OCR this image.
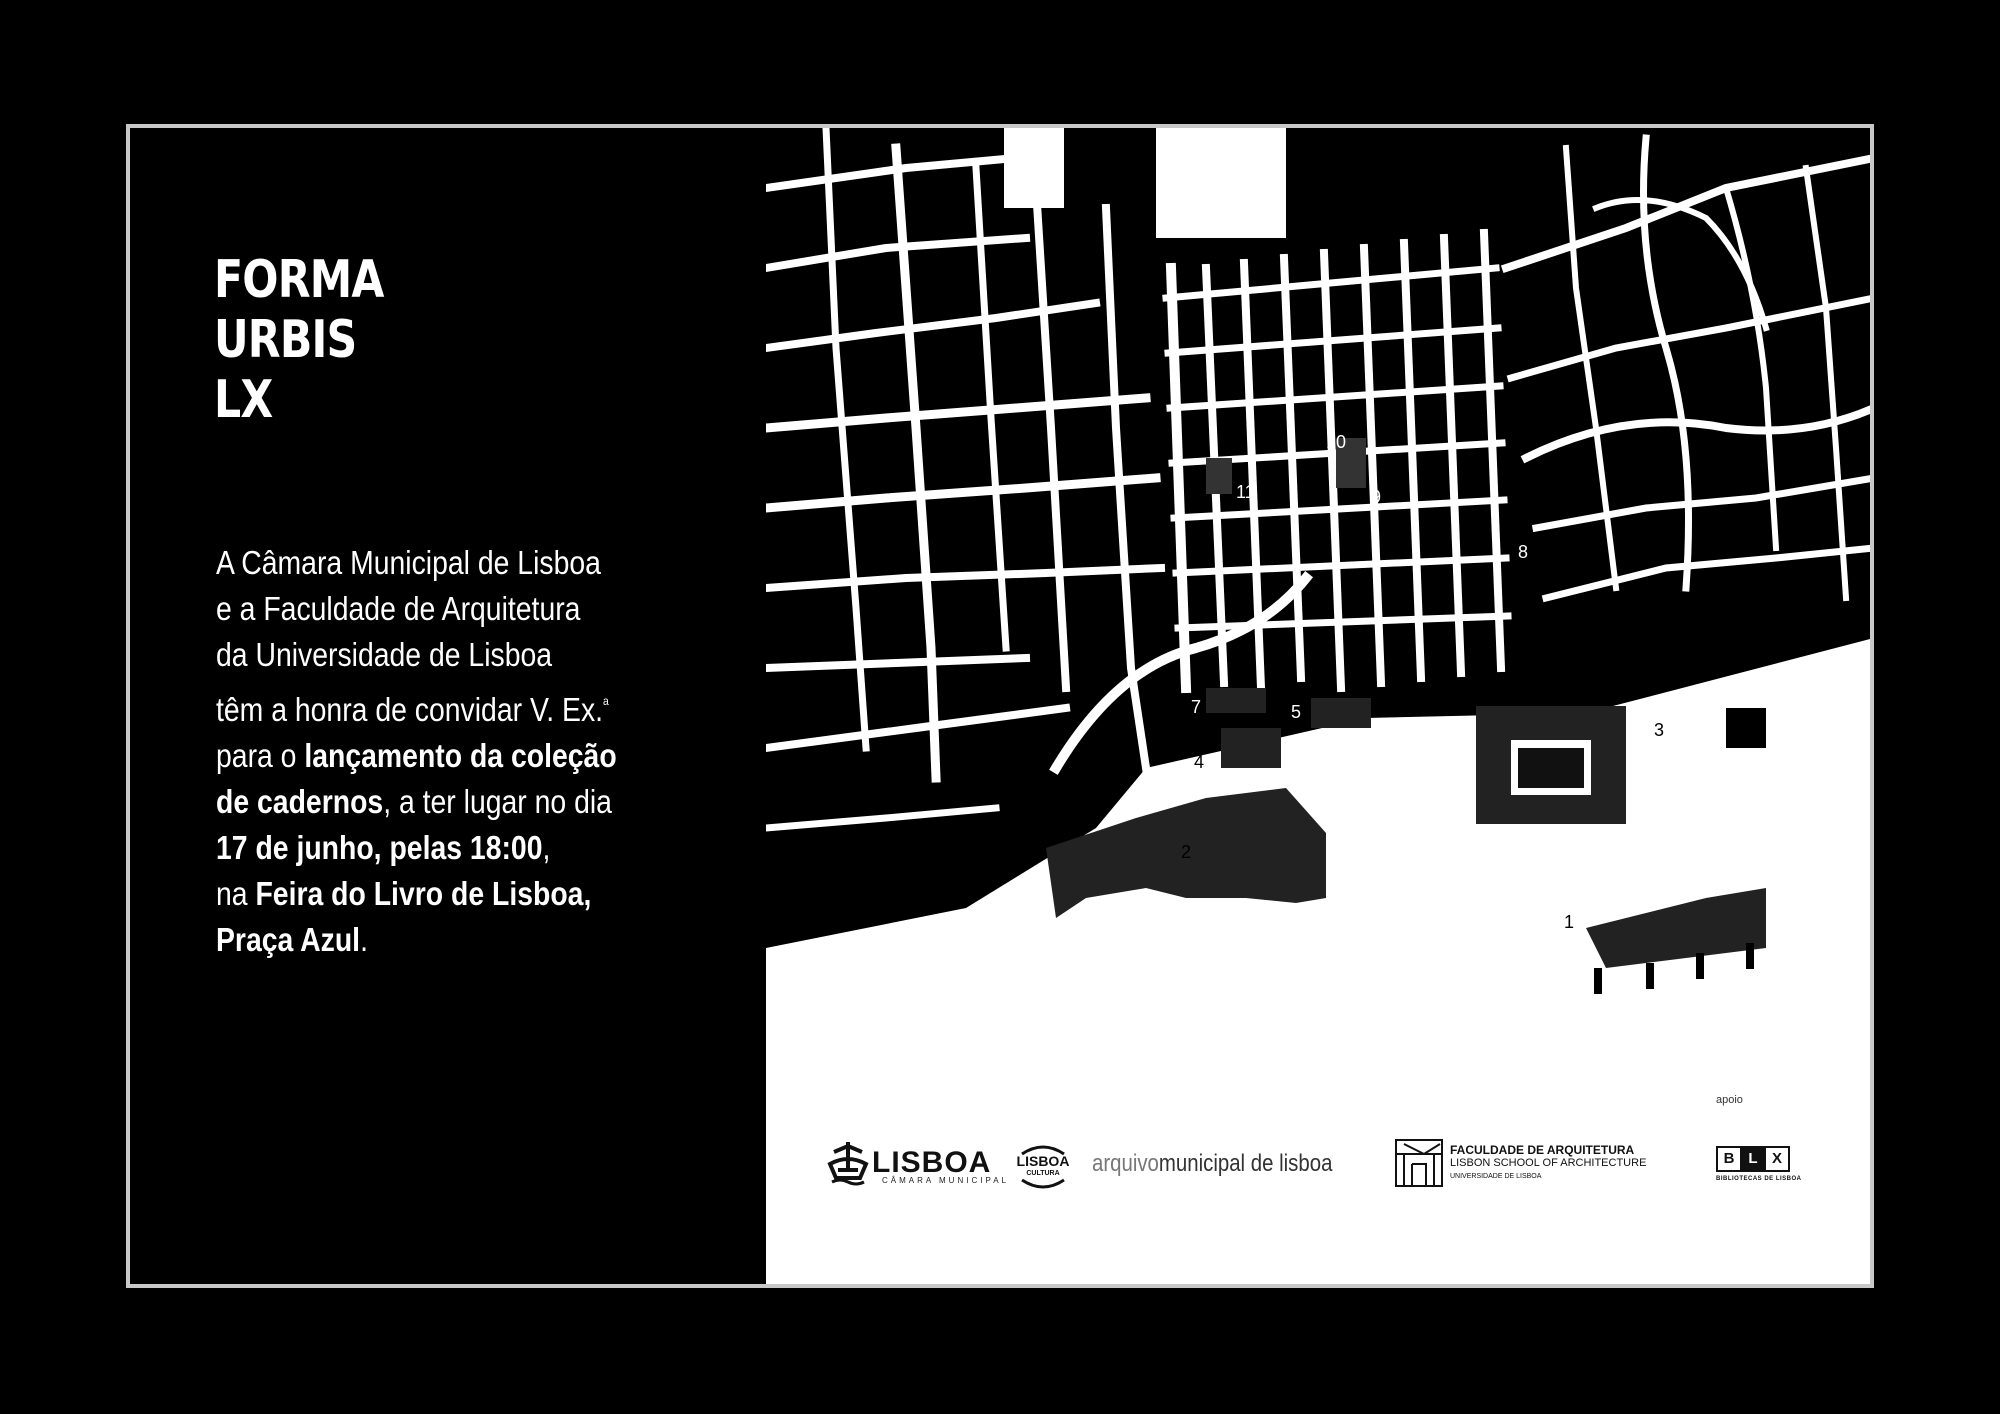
FORMA
URBIS
LX

A Câmara Municipal de Lisboa

e a Faculdade de Arquitetura

da Universidade de Lisboa

têm a honra de convidar V. Ex.$^a$

para o lançamento da coleção

de cadernos, a ter lugar no dia

17 de junho, pelas 18:00,

na Feira do Livro de Lisboa,

Praça Azul.	1
2
3
4
5
6
7
8
9
10
11
LISBOA
CÂMARA MUNICIPAL
LISBOA
CULTURA arquivomunicipal de lisboa
FACULDADE DE ARQUITETURA
LISBON SCHOOL OF ARCHITECTURE
UNIVERSIDADE DE LISBOA
apoio
B L X
BIBLIOTECAS DE LISBOA
